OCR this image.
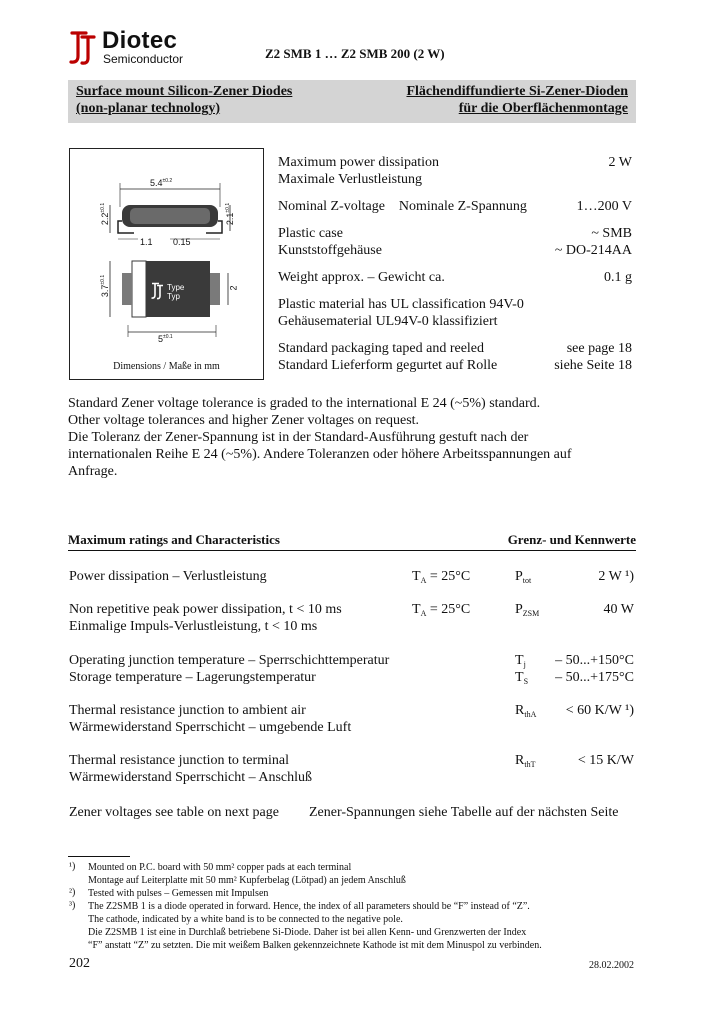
Diotec
Semiconductor	Z2 SMB 1 … Z2 SMB 200 (2 W)
Surface mount Silicon-Zener Diodes
(non-planar technology)
Flächendiffundierte Si-Zener-Dioden
für die Oberflächenmontage
Type
Typ
$5.4^{\pm 0.2}$
$2.2^{\pm 0.1}$
$2.1^{\pm 0.1}$
1.1 0.15
$3.7^{\pm 0.1}$
2
$5^{\pm 0.1}$
Dimensions / Maße in mm
Maximum power dissipation
Maximale Verlustleistung
2 W
Nominal Z-voltage    Nominale Z-Spannung	1…200 V
Plastic case
Kunststoffgehäuse
~ SMB
~ DO-214AA
Weight approx. – Gewicht ca.	0.1 g
Plastic material has UL classification 94V-0
Gehäusematerial UL94V-0 klassifiziert
Standard packaging taped and reeled
Standard Lieferform gegurtet auf Rolle
see page 18
siehe Seite 18
Standard Zener voltage tolerance is graded to the international E 24 (~5%) standard.
Other voltage tolerances and higher Zener voltages on request.
Die Toleranz der Zener-Spannung ist in der Standard-Ausführung gestuft nach der
internationalen Reihe E 24 (~5%). Andere Toleranzen oder höhere Arbeitsspannungen auf
Anfrage.
Maximum ratings and Characteristics	Grenz- und Kennwerte
Power dissipation – Verlustleistung	$T_A = 25^\circ C$	$P_{tot}$	2 W ¹)
Non repetitive peak power dissipation, t < 10 ms
Einmalige Impuls-Verlustleistung, t < 10 ms
$T_A = 25^\circ C$	$P_{ZSM}$	40 W
Operating junction temperature – Sperrschichttemperatur	$T_j - 50...+150^\circ C$
Storage temperature – Lagerungstemperatur	$T_S - 50...+175^\circ C$
Thermal resistance junction to ambient air
Wärmewiderstand Sperrschicht – umgebende Luft
$R_{thA} < 60$ K/W ¹)
Thermal resistance junction to terminal
Wärmewiderstand Sperrschicht – Anschluß
$R_{thT}$	< 15 K/W
Zener voltages see table on next page Zener-Spannungen siehe Tabelle auf der nächsten Seite
¹) Mounted on P.C. board with 50 mm² copper pads at each terminal
Montage auf Leiterplatte mit 50 mm² Kupferbelag (Lötpad) an jedem Anschluß
²) Tested with pulses – Gemessen mit Impulsen
³) The Z2SMB 1 is a diode operated in forward. Hence, the index of all parameters should be “F” instead of “Z”.
The cathode, indicated by a white band is to be connected to the negative pole.
Die Z2SMB 1 ist eine in Durchlaß betriebene Si-Diode. Daher ist bei allen Kenn- und Grenzwerten der Index
“F” anstatt “Z” zu setzten. Die mit weißem Balken gekennzeichnete Kathode ist mit dem Minuspol zu verbinden.
202	28.02.2002
